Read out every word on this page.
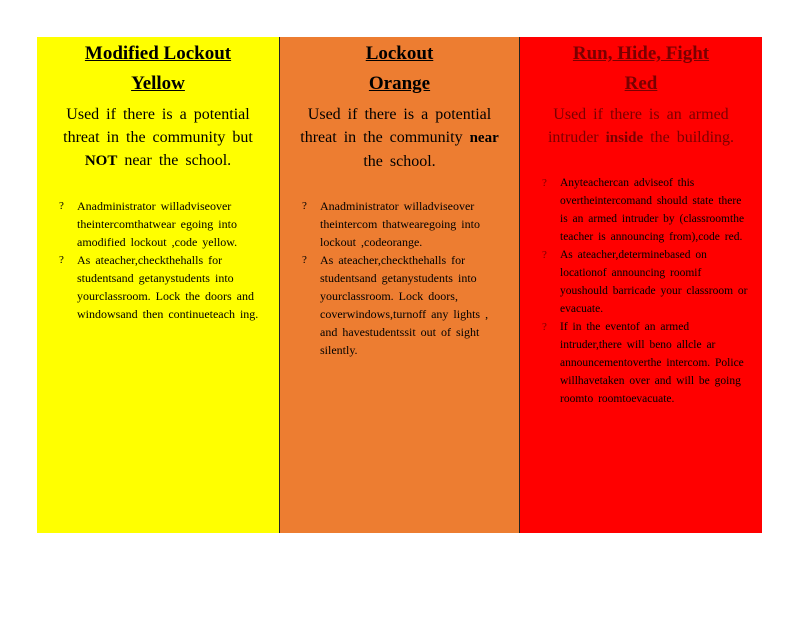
Modified Lockout
Yellow
Used if there is a potential threat in the community but NOT near the school.
? Anadministrator willadviseover theintercomthatwear egoing into amodified lockout ,code yellow.
? As ateacher,checkthehalls for studentsand getanystudents into yourclassroom. Lock the doors and windowsand then continueteach ing.
Lockout
Orange
Used if there is a potential threat in the community near the school.
? Anadministrator willadviseover theintercom thatwearegoing into lockout ,codeorange.
? As ateacher,checkthehalls for studentsand getanystudents into yourclassroom. Lock doors, coverwindows,turnoff any lights , and havestudentssit out of sight silently.
Run, Hide, Fight
Red
Used if there is an armed intruder inside the building.
? Anyteachercan adviseof this overtheintercomand should state there is an armed intruder by (classroomthe teacher is announcing from),code red.
? As ateacher,determinebased on locationof announcing roomif youshould barricade your classroom or evacuate.
? If in the eventof an armed intruder,there will beno allcle ar announcementoverthe intercom. Police willhavetaken over and will be going roomto roomtoevacuate.
